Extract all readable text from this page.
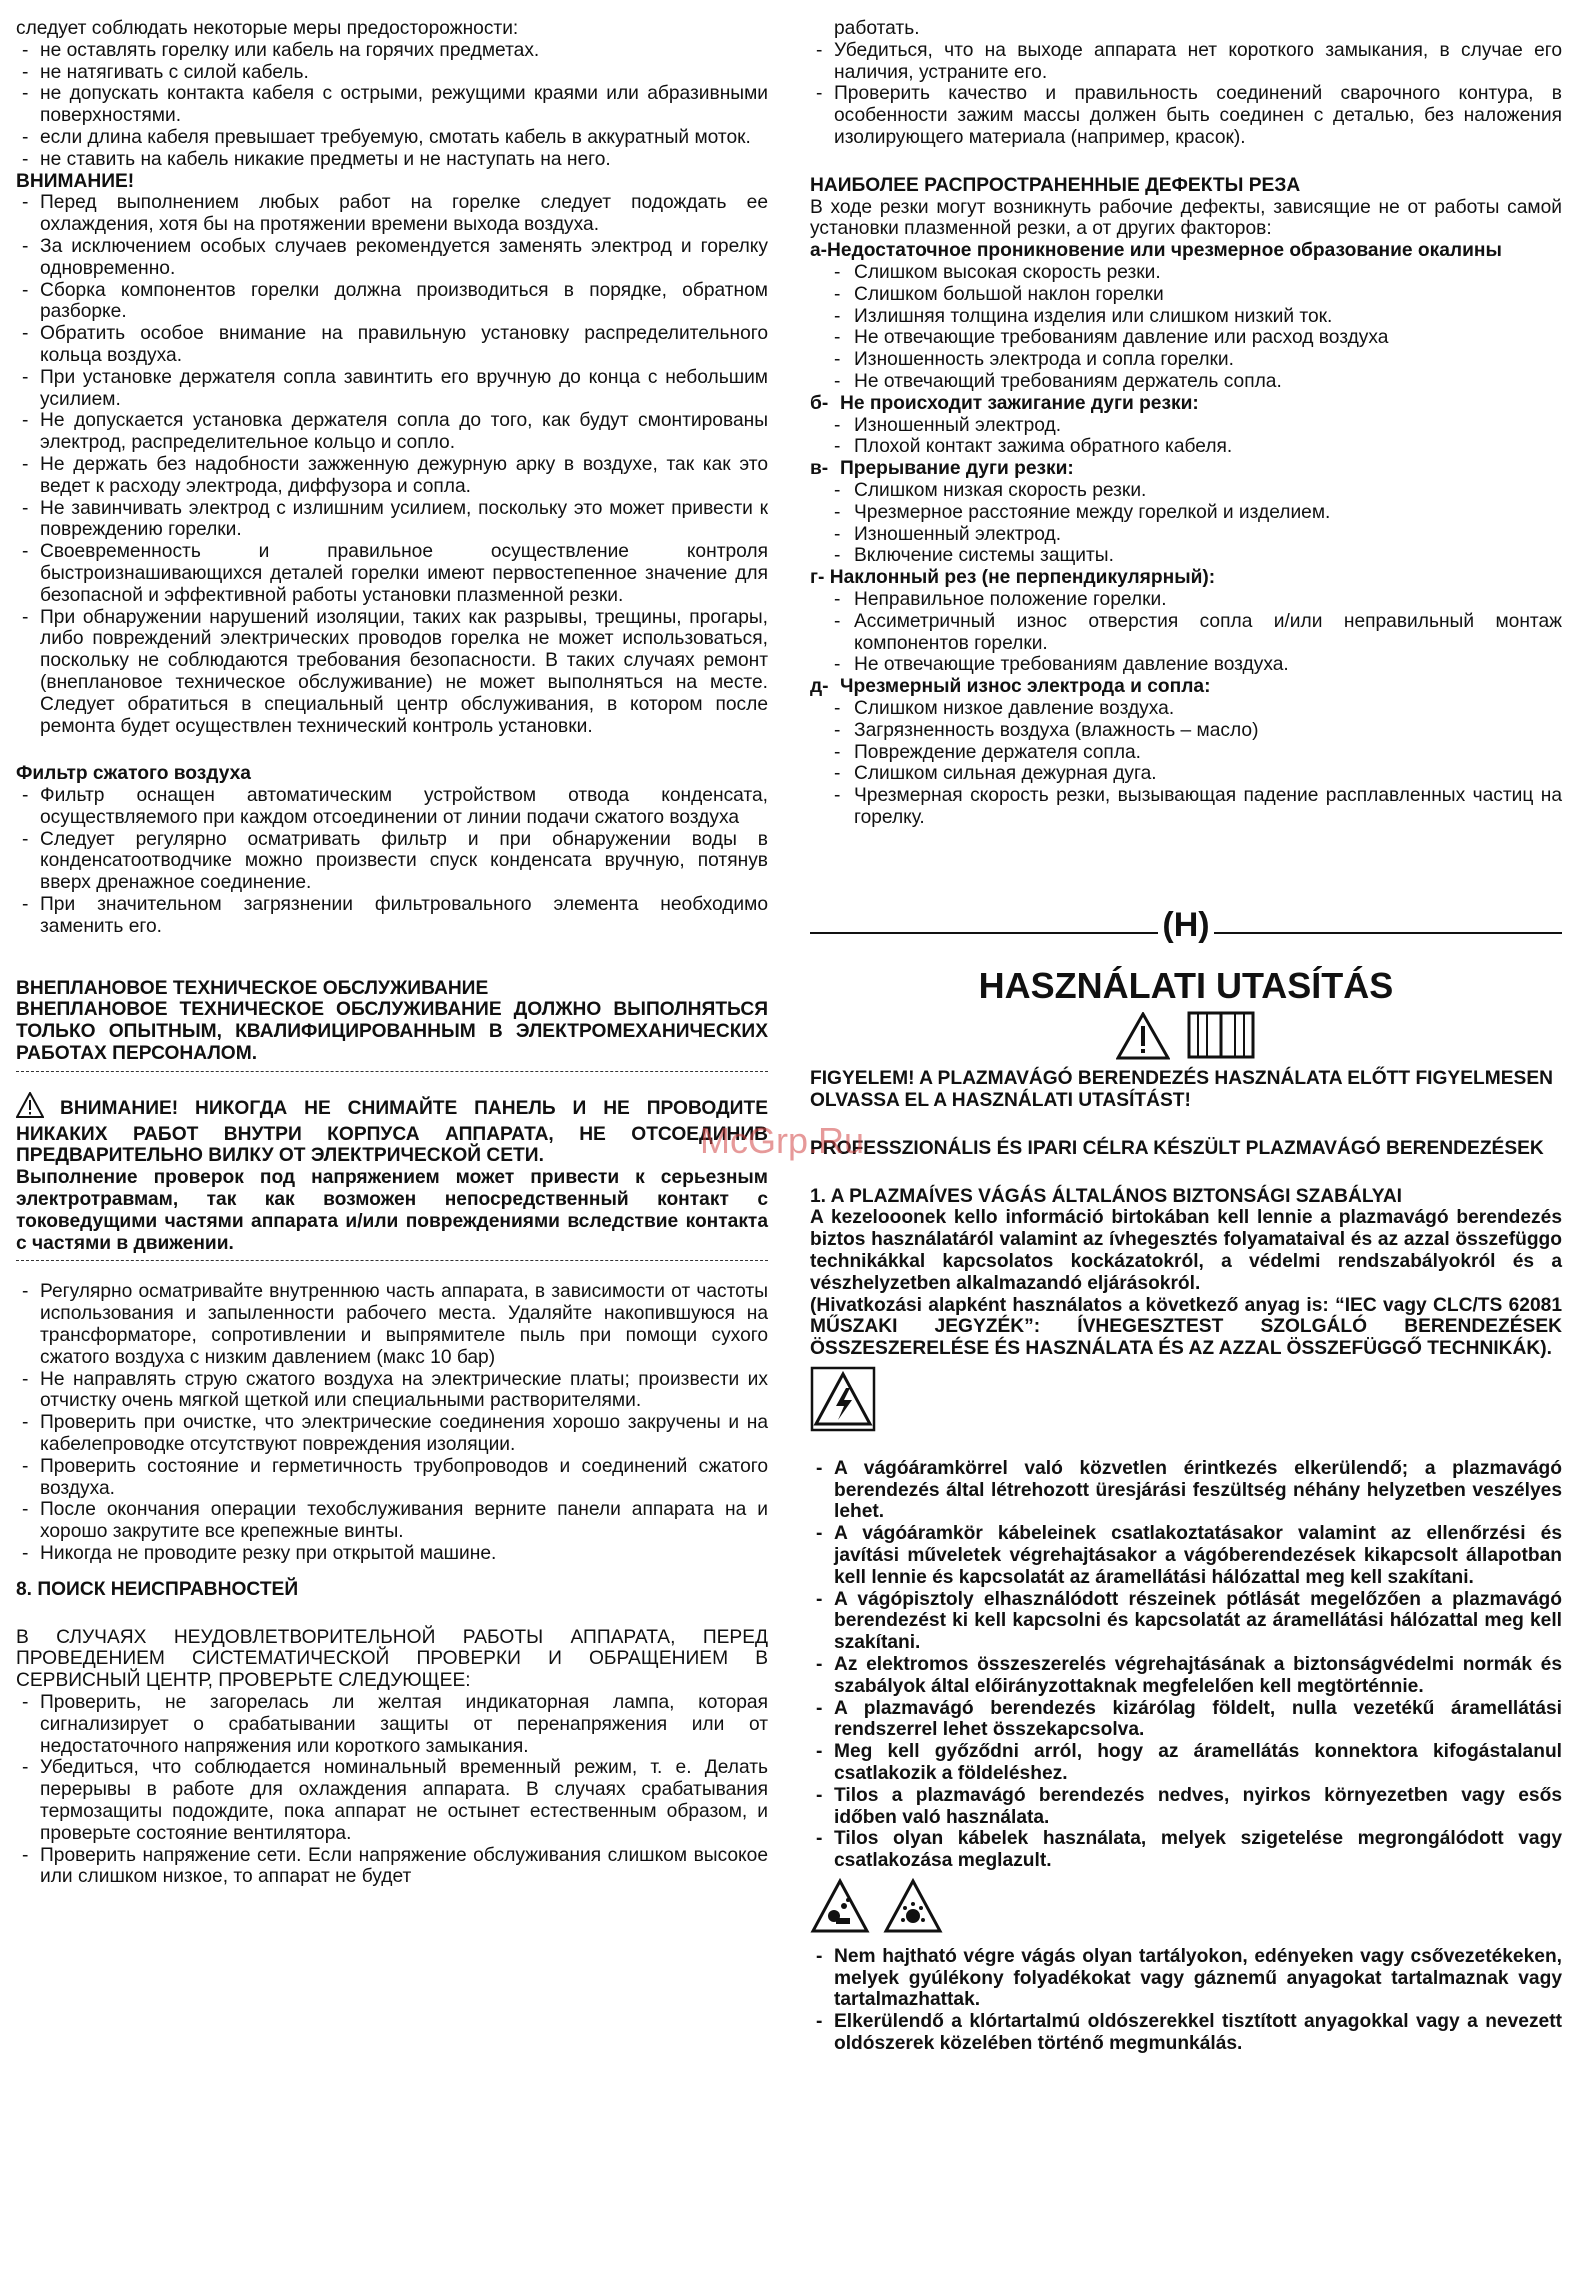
следует соблюдать некоторые меры предосторожности:

- не оставлять горелку или кабель на горячих предметах.
- не натягивать с силой кабель.
- не допускать контакта кабеля с острыми, режущими краями или абразивными поверхностями.
- если длина кабеля превышает требуемую, смотать кабель в аккуратный моток.
- не ставить на кабель никакие предметы и не наступать на него.

ВНИМАНИЕ!

- Перед выполнением любых работ на горелке следует подождать ее охлаждения, хотя бы на протяжении времени выхода воздуха.
- За исключением особых случаев рекомендуется заменять электрод и горелку одновременно.
- Сборка компонентов горелки должна производиться в порядке, обратном разборке.
- Обратить особое внимание на правильную установку распределительного кольца воздуха.
- При установке держателя сопла завинтить его вручную до конца с небольшим усилием.
- Не допускается установка держателя сопла до того, как будут смонтированы электрод, распределительное кольцо и сопло.
- Не держать без надобности зажженную дежурную арку в воздухе, так как это ведет к расходу электрода, диффузора и сопла.
- Не завинчивать электрод с излишним усилием, поскольку это может привести к повреждению горелки.
- Своевременность и правильное осуществление контроля быстроизнашивающихся деталей горелки имеют первостепенное значение для безопасной и эффективной работы установки плазменной резки.
- При обнаружении нарушений изоляции, таких как разрывы, трещины, прогары, либо повреждений электрических проводов горелка не может использоваться, поскольку не соблюдаются требования безопасности. В таких случаях ремонт (внеплановое техническое обслуживание) не может выполняться на месте. Следует обратиться в специальный центр обслуживания, в котором после ремонта будет осуществлен технический контроль установки.

Фильтр сжатого воздуха

- Фильтр оснащен автоматическим устройством отвода конденсата, осуществляемого при каждом отсоединении от линии подачи сжатого воздуха
- Следует регулярно осматривать фильтр и при обнаружении воды в конденсатоотводчике можно произвести спуск конденсата вручную, потянув вверх дренажное соединение.
- При значительном загрязнении фильтровального элемента необходимо заменить его.

ВНЕПЛАНОВОЕ ТЕХНИЧЕСКОЕ ОБСЛУЖИВАНИЕ

ВНЕПЛАНОВОЕ ТЕХНИЧЕСКОЕ ОБСЛУЖИВАНИЕ ДОЛЖНО ВЫПОЛНЯТЬСЯ ТОЛЬКО ОПЫТНЫМ, КВАЛИФИЦИРОВАННЫМ В ЭЛЕКТРОМЕХАНИЧЕСКИХ РАБОТАХ ПЕРСОНАЛОМ.

ВНИМАНИЕ! НИКОГДА НЕ СНИМАЙТЕ ПАНЕЛЬ И НЕ ПРОВОДИТЕ НИКАКИХ РАБОТ ВНУТРИ КОРПУСА АППАРАТА, НЕ ОТСОЕДИНИВ ПРЕДВАРИТЕЛЬНО ВИЛКУ ОТ ЭЛЕКТРИЧЕСКОЙ СЕТИ.

Выполнение проверок под напряжением может привести к серьезным электротравмам, так как возможен непосредственный контакт с токоведущими частями аппарата и/или повреждениями вследствие контакта с частями в движении.

- Регулярно осматривайте внутреннюю часть аппарата, в зависимости от частоты использования и запыленности рабочего места. Удаляйте накопившуюся на трансформаторе, сопротивлении и выпрямителе пыль при помощи сухого сжатого воздуха с низким давлением (макс 10 бар)
- Не направлять струю сжатого воздуха на электрические платы; произвести их отчистку очень мягкой щеткой или специальными растворителями.
- Проверить при очистке, что электрические соединения хорошо закручены и на кабелепроводке отсутствуют повреждения изоляции.
- Проверить состояние и герметичность трубопроводов и соединений сжатого воздуха.
- После окончания операции техобслуживания верните панели аппарата на и хорошо закрутите все крепежные винты.
- Никогда не проводите резку при открытой машине.

8. ПОИСК НЕИСПРАВНОСТЕЙ

В СЛУЧАЯХ НЕУДОВЛЕТВОРИТЕЛЬНОЙ РАБОТЫ АППАРАТА, ПЕРЕД ПРОВЕДЕНИЕМ СИСТЕМАТИЧЕСКОЙ ПРОВЕРКИ И ОБРАЩЕНИЕМ В СЕРВИСНЫЙ ЦЕНТР, ПРОВЕРЬТЕ СЛЕДУЮЩЕЕ:

- Проверить, не загорелась ли желтая индикаторная лампа, которая сигнализирует о срабатывании защиты от перенапряжения или от недостаточного напряжения или короткого замыкания.
- Убедиться, что соблюдается номинальный временный режим, т. е. Делать перерывы в работе для охлаждения аппарата. В случаях срабатывания термозащиты подождите, пока аппарат не остынет естественным образом, и проверьте состояние вентилятора.
- Проверить напряжение сети. Если напряжение обслуживания слишком высокое или слишком низкое, то аппарат не будет

работать.

- Убедиться, что на выходе аппарата нет короткого замыкания, в случае его наличия, устраните его.
- Проверить качество и правильность соединений сварочного контура, в особенности зажим массы должен быть соединен с деталью, без наложения изолирующего материала (например, красок).

НАИБОЛЕЕ РАСПРОСТРАНЕННЫЕ ДЕФЕКТЫ РЕЗА

В ходе резки могут возникнуть рабочие дефекты, зависящие не от работы самой установки плазменной резки, а от других факторов:

а-Недостаточное проникновение или чрезмерное образование окалины

- Слишком высокая скорость резки.
- Слишком большой наклон горелки
- Излишняя толщина изделия или слишком низкий ток.
- Не отвечающие требованиям давление или расход воздуха
- Изношенность электрода и сопла горелки.
- Не отвечающий требованиям держатель сопла.

б- Не происходит зажигание дуги резки:

- Изношенный электрод.
- Плохой контакт зажима обратного кабеля.

в- Прерывание дуги резки:

- Слишком низкая скорость резки.
- Чрезмерное расстояние между горелкой и изделием.
- Изношенный электрод.
- Включение системы защиты.

г- Наклонный рез (не перпендикулярный):

- Неправильное положение горелки.
- Ассиметричный износ отверстия сопла и/или неправильный монтаж компонентов горелки.
- Не отвечающие требованиям давление воздуха.

д- Чрезмерный износ электрода и сопла:

- Слишком низкое давление воздуха.
- Загрязненность воздуха (влажность – масло)
- Повреждение держателя сопла.
- Слишком сильная дежурная дуга.
- Чрезмерная скорость резки, вызывающая падение расплавленных частиц на горелку.
(H)

HASZNÁLATI UTASÍTÁS

FIGYELEM! A PLAZMAVÁGÓ BERENDEZÉS HASZNÁLATA ELŐTT FIGYELMESEN OLVASSA EL A HASZNÁLATI UTASÍTÁST!

PROFESSZIONÁLIS ÉS IPARI CÉLRA KÉSZÜLT PLAZMAVÁGÓ BERENDEZÉSEK

1. A PLAZMAÍVES VÁGÁS ÁLTALÁNOS BIZTONSÁGI SZABÁLYAI

A kezelooonek kello információ birtokában kell lennie a plazmavágó berendezés biztos használatáról valamint az ívhegesztés folyamataival és az azzal összefüggo technikákkal kapcsolatos kockázatokról, a védelmi rendszabályokról és a vészhelyzetben alkalmazandó eljárásokról.

(Hivatkozási alapként használatos a következő anyag is: “IEC vagy CLC/TS 62081 MŰSZAKI JEGYZÉK”: ÍVHEGESZTEST SZOLGÁLÓ BERENDEZÉSEK ÖSSZESZERELÉSE ÉS HASZNÁLATA ÉS AZ AZZAL ÖSSZEFÜGGŐ TECHNIKÁK).

- A vágóáramkörrel való közvetlen érintkezés elkerülendő; a plazmavágó berendezés által létrehozott üresjárási feszültség néhány helyzetben veszélyes lehet.
- A vágóáramkör kábeleinek csatlakoztatásakor valamint az ellenőrzési és javítási műveletek végrehajtásakor a vágóberendezések kikapcsolt állapotban kell lennie és kapcsolatát az áramellátási hálózattal meg kell szakítani.
- A vágópisztoly elhasználódott részeinek pótlását megelőzően a plazmavágó berendezést ki kell kapcsolni és kapcsolatát az áramellátási hálózattal meg kell szakítani.
- Az elektromos összeszerelés végrehajtásának a biztonságvédelmi normák és szabályok által előirányzottaknak megfelelően kell megtörténnie.
- A plazmavágó berendezés kizárólag földelt, nulla vezetékű áramellátási rendszerrel lehet összekapcsolva.
- Meg kell győződni arról, hogy az áramellátás konnektora kifogástalanul csatlakozik a földeléshez.
- Tilos a plazmavágó berendezés nedves, nyirkos környezetben vagy esős időben való használata.
- Tilos olyan kábelek használata, melyek szigetelése megrongálódott vagy csatlakozása meglazult.

- Nem hajtható végre vágás olyan tartályokon, edényeken vagy csővezetékeken, melyek gyúlékony folyadékokat vagy gáznemű anyagokat tartalmaznak vagy tartalmazhattak.
- Elkerülendő a klórtartalmú oldószerekkel tisztított anyagokkal vagy a nevezett oldószerek közelében történő megmunkálás.
McGrp.Ru
